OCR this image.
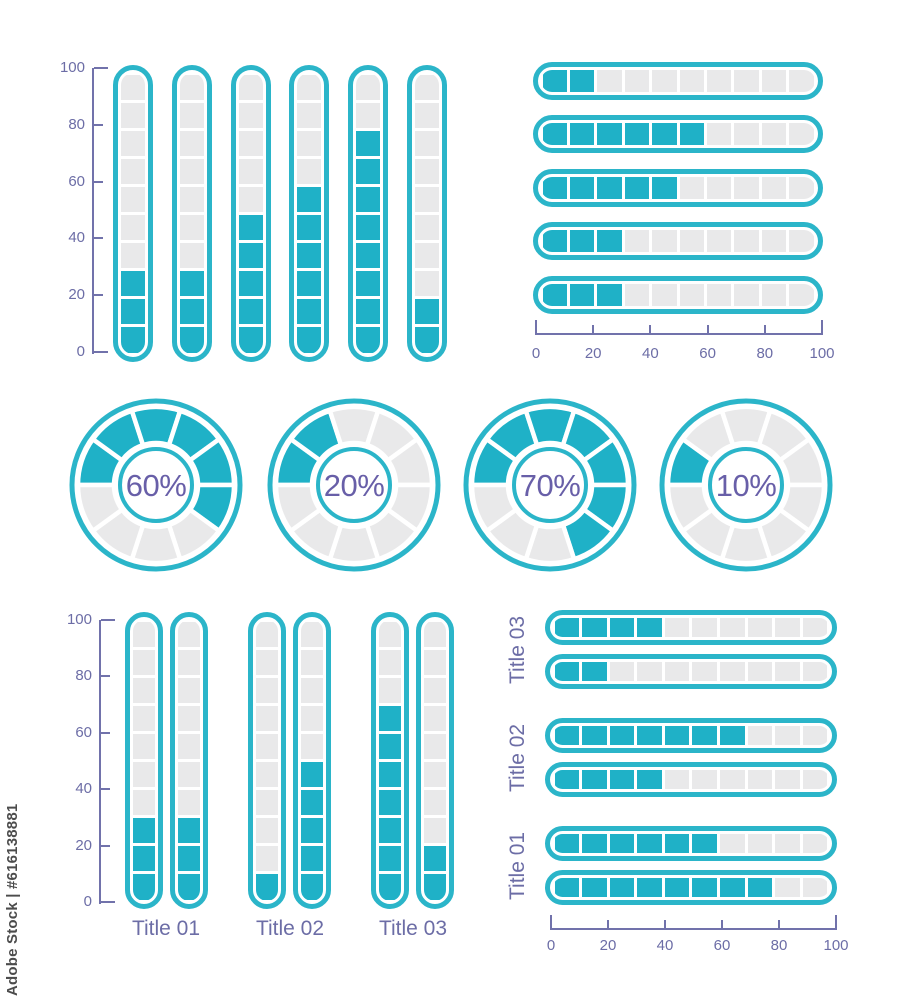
0
20
40
60
80
100
0	20	40	60	80	100
60%	20%	70%	10%
0
20
40
60
80
100
Title 01	Title 02	Title 03
Title 03
Title 02
Title 01
0	20	40	60	80	100
Adobe Stock | #616138881
